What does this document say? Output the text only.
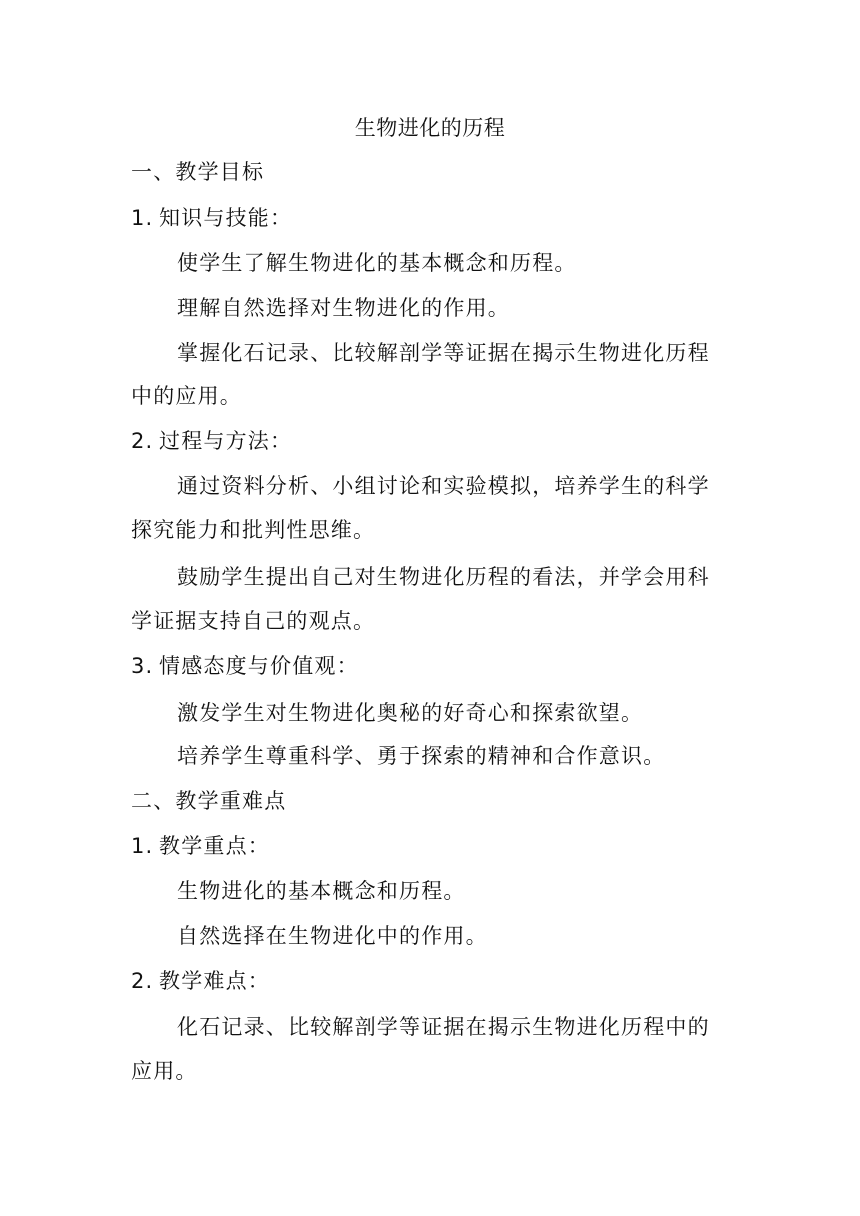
生物进化的历程
一、教学目标
1. 知识与技能：
使学生了解生物进化的基本概念和历程。
理解自然选择对生物进化的作用。
掌握化石记录、比较解剖学等证据在揭示生物进化历程
中的应用。
2. 过程与方法：
通过资料分析、小组讨论和实验模拟，培养学生的科学
探究能力和批判性思维。
鼓励学生提出自己对生物进化历程的看法，并学会用科
学证据支持自己的观点。
3. 情感态度与价值观：
激发学生对生物进化奥秘的好奇心和探索欲望。
培养学生尊重科学、勇于探索的精神和合作意识。
二、教学重难点
1. 教学重点：
生物进化的基本概念和历程。
自然选择在生物进化中的作用。
2. 教学难点：
化石记录、比较解剖学等证据在揭示生物进化历程中的
应用。
